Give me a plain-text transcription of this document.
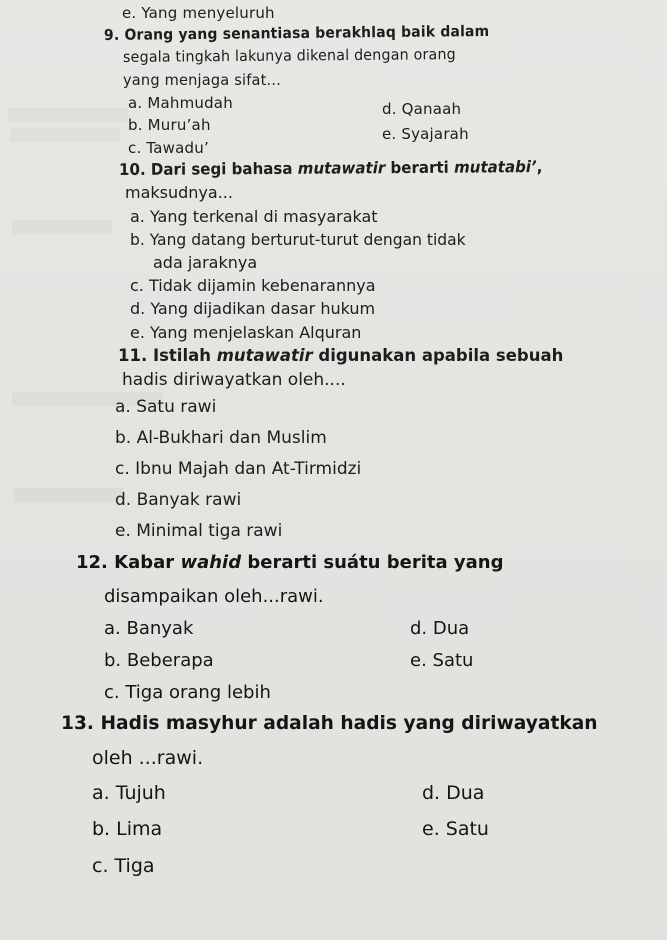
e. Yang menyeluruh
9. Orang yang senantiasa berakhlaq baik dalam
segala tingkah lakunya dikenal dengan orang
yang menjaga sifat...
a. Mahmudah
b. Muru’ah
c. Tawadu’
d. Qanaah
e. Syajarah
10. Dari segi bahasa mutawatir berarti mutatabi’,
maksudnya...
a. Yang terkenal di masyarakat
b. Yang datang berturut-turut dengan tidak
ada jaraknya
c. Tidak dijamin kebenarannya
d. Yang dijadikan dasar hukum
e. Yang menjelaskan Alquran
11. Istilah mutawatir digunakan apabila sebuah
hadis diriwayatkan oleh....
a. Satu rawi
b. Al-Bukhari dan Muslim
c. Ibnu Majah dan At-Tirmidzi
d. Banyak rawi
e. Minimal tiga rawi
12. Kabar wahid berarti suátu berita yang
disampaikan oleh...rawi.
a. Banyak
b. Beberapa
c. Tiga orang lebih
d. Dua
e. Satu
13. Hadis masyhur adalah hadis yang diriwayatkan
oleh ...rawi.
a. Tujuh
b. Lima
c. Tiga
d. Dua
e. Satu
